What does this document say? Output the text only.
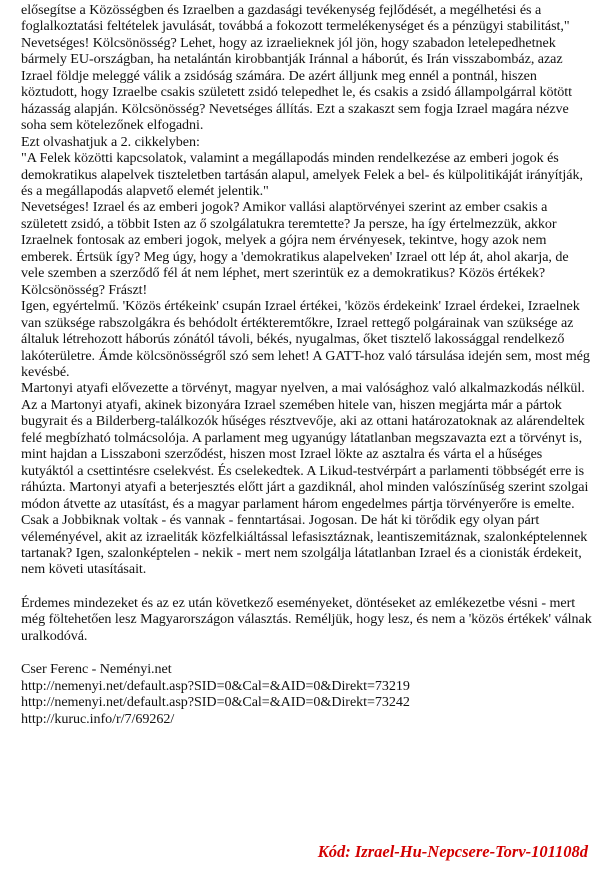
elősegítse a Közösségben és Izraelben a gazdasági tevékenység fejlődését, a megélhetési és a foglalkoztatási feltételek javulását, továbbá a fokozott termelékenységet és a pénzügyi stabilitást,"

Nevetséges! Kölcsönösség? Lehet, hogy az izraelieknek jól jön, hogy szabadon letelepedhetnek bármely EU-országban, ha netalántán kirobbantják Iránnal a háborút, és Irán visszabombáz, azaz Izrael földje meleggé válik a zsidóság számára. De azért álljunk meg ennél a pontnál, hiszen köztudott, hogy Izraelbe csakis született zsidó telepedhet le, és csakis a zsidó állampolgárral kötött házasság alapján. Kölcsönösség? Nevetséges állítás. Ezt a szakaszt sem fogja Izrael magára nézve soha sem kötelezőnek elfogadni.

Ezt olvashatjuk a 2. cikkelyben:

"A Felek közötti kapcsolatok, valamint a megállapodás minden rendelkezése az emberi jogok és demokratikus alapelvek tiszteletben tartásán alapul, amelyek Felek a bel- és külpolitikáját irányítják, és a megállapodás alapvető elemét jelentik."

Nevetséges! Izrael és az emberi jogok? Amikor vallási alaptörvényei szerint az ember csakis a született zsidó, a többit Isten az ő szolgálatukra teremtette? Ja persze, ha így értelmezzük, akkor Izraelnek fontosak az emberi jogok, melyek a gójra nem érvényesek, tekintve, hogy azok nem emberek. Értsük így? Meg úgy, hogy a 'demokratikus alapelveken' Izrael ott lép át, ahol akarja, de vele szemben a szerződő fél át nem léphet, mert szerintük ez a demokratikus? Közös értékek? Kölcsönösség? Frászt!

Igen, egyértelmű. 'Közös értékeink' csupán Izrael értékei, 'közös érdekeink' Izrael érdekei, Izraelnek van szüksége rabszolgákra és behódolt értékteremtőkre, Izrael rettegő polgárainak van szüksége az általuk létrehozott háborús zónától távoli, békés, nyugalmas, őket tisztelő lakossággal rendelkező lakóterületre. Ámde kölcsönösségről szó sem lehet! A GATT-hoz való társulása idején sem, most még kevésbé.

Martonyi atyafi elővezette a törvényt, magyar nyelven, a mai valósághoz való alkalmazkodás nélkül. Az a Martonyi atyafi, akinek bizonyára Izrael szemében hitele van, hiszen megjárta már a pártok bugyrait és a Bilderberg-találkozók hűséges résztvevője, aki az ottani határozatoknak az alárendeltek felé megbízható tolmácsolója. A parlament meg ugyanúgy látatlanban megszavazta ezt a törvényt is, mint hajdan a Lisszaboni szerződést, hiszen most Izrael lökte az asztalra és várta el a hűséges kutyáktól a csettintésre cselekvést. És cselekedtek. A Likud-testvérpárt a parlamenti többségét erre is ráhúzta. Martonyi atyafi a beterjesztés előtt járt a gazdiknál, ahol minden valószínűség szerint szolgai módon átvette az utasítást, és a magyar parlament három engedelmes pártja törvényerőre is emelte.

Csak a Jobbiknak voltak - és vannak - fenntartásai. Jogosan. De hát ki törődik egy olyan párt véleményével, akit az izraeliták közfelkiáltással lefasisztáznak, leantiszemitáznak, szalonképtelennek tartanak? Igen, szalonképtelen - nekik - mert nem szolgálja látatlanban Izrael és a cionisták érdekeit, nem követi utasításait.

Érdemes mindezeket és az ez után következő eseményeket, döntéseket az emlékezetbe vésni - mert még föltehetően lesz Magyarországon választás. Reméljük, hogy lesz, és nem a 'közös értékek' válnak uralkodóvá.

Cser Ferenc - Neményi.net

http://nemenyi.net/default.asp?SID=0&Cal=&AID=0&Direkt=73219

http://nemenyi.net/default.asp?SID=0&Cal=&AID=0&Direkt=73242

http://kuruc.info/r/7/69262/

Kód: Izrael-Hu-Nepcsere-Torv-101108d
